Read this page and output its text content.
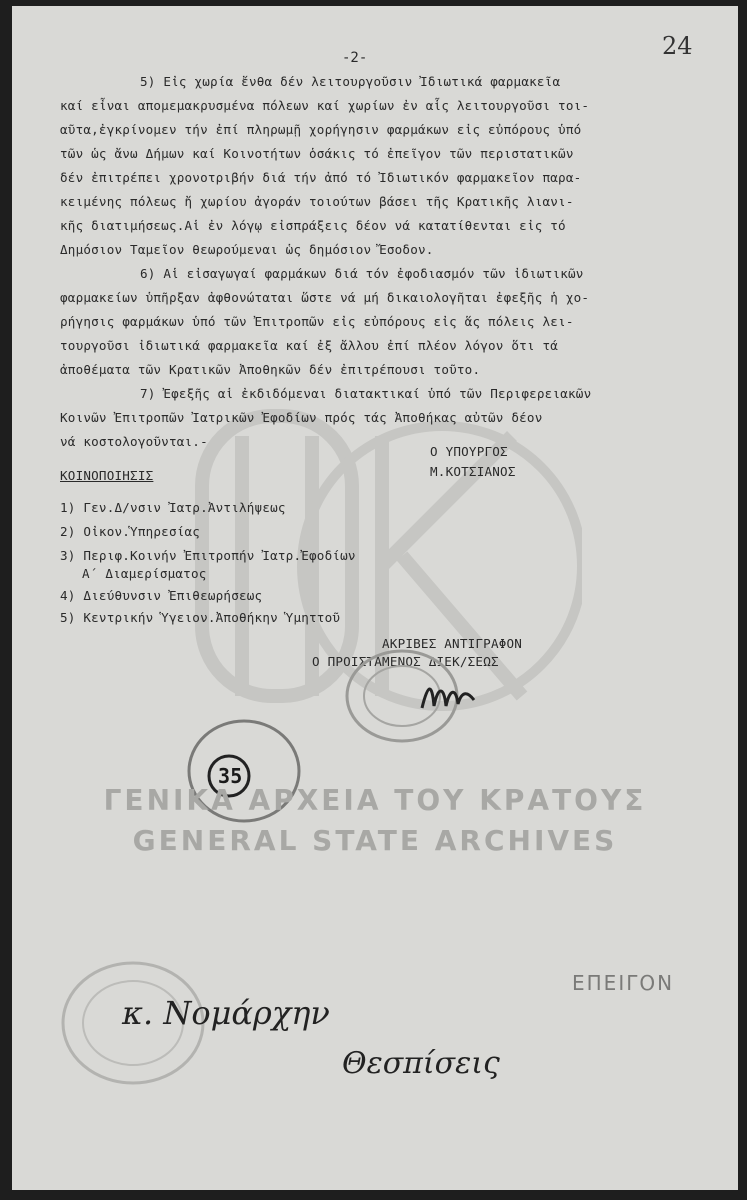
-2-	24
5) Εἰς χωρία ἔνθα δέν λειτουργοῦσιν Ἰδιωτικά φαρμακεῖα
καί εἶναι απομεμακρυσμένα πόλεων καί χωρίων ἐν αἷς λειτουργοῦσι τοι-
αῦτα,ἐγκρίνομεν τήν ἐπί πληρωμῇ χορήγησιν φαρμάκων εἰς εὐπόρους ὑπό
τῶν ὡς ἄνω Δήμων καί Κοινοτήτων ὁσάκις τό ἐπεῖγον τῶν περιστατικῶν
δέν ἐπιτρέπει χρονοτριβήν διά τήν ἀπό τό Ἰδιωτικόν φαρμακεῖον παρα-
κειμένης πόλεως ἤ χωρίου ἀγοράν τοιούτων βάσει τῆς Κρατικῆς λιανι-
κῆς διατιμήσεως.Αἱ ἐν λόγῳ εἰσπράξεις δέον νά κατατίθενται εἰς τό
Δημόσιον Ταμεῖον θεωρούμεναι ὡς δημόσιον Ἔσοδον.
6) Αἱ εἰσαγωγαί φαρμάκων διά τόν ἐφοδιασμόν τῶν ἰδιωτικῶν
φαρμακείων ὑπῆρξαν ἀφθονώταται ὥστε νά μή δικαιολογῆται ἐφεξῆς ἡ χο-
ρήγησις φαρμάκων ὑπό τῶν Ἐπιτροπῶν εἰς εὐπόρους εἰς ἅς πόλεις λει-
τουργοῦσι ἰδιωτικά φαρμακεῖα καί ἐξ ἄλλου ἐπί πλέον λόγον ὅτι τά
ἀποθέματα τῶν Κρατικῶν Ἀποθηκῶν δέν ἐπιτρέπουσι τοῦτο.
7) Ἐφεξῆς αἱ ἐκδιδόμεναι διατακτικαί ὑπό τῶν Περιφερειακῶν
Κοινῶν Ἐπιτροπῶν Ἰατρικῶν Ἐφοδίων πρός τάς Ἀποθήκας αὐτῶν δέον
νά κοστολογοῦνται.-
Ο ΥΠΟΥΡΓΟΣ
Μ.ΚΟΤΣΙΑΝΟΣ
ΚΟΙΝΟΠΟΙΗΣΙΣ
1) Γεν.Δ/νσιν Ἰατρ.Ἀντιλήψεως
2) Οἰκον.Ὑπηρεσίας
3) Περιφ.Κοινήν Ἐπιτροπήν Ἰατρ.Ἐφοδίων
Α΄ Διαμερίσματος
4) Διεύθυνσιν Ἐπιθεωρήσεως
5) Κεντρικήν Ὑγειον.Ἀποθήκην Ὑμηττοῦ
ΑΚΡΙΒΕΣ ΑΝΤΙΓΡΑΦΟΝ
Ο ΠΡΟΙΣΤΑΜΕΝΟΣ ΔΙΕΚ/ΣΕΩΣ
35
ΓΕΝΙΚΑ ΑΡΧΕΙΑ ΤΟΥ ΚΡΑΤΟΥΣ
GENERAL STATE ARCHIVES
ΕΠΕΙΓΟΝ
κ. Νομάρχην
Θεσπίσεις
